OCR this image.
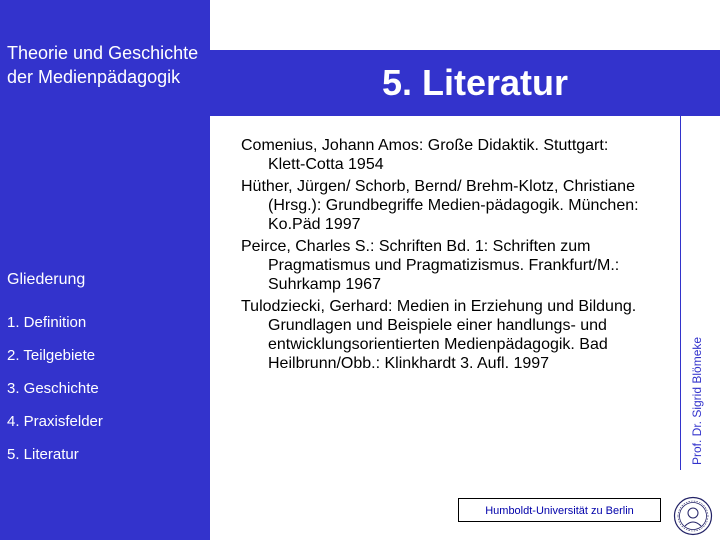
Theorie und Geschichte der Medienpädagogik
Gliederung
1. Definition
2. Teilgebiete
3. Geschichte
4. Praxisfelder
5. Literatur
5. Literatur
Prof. Dr. Sigrid Blömeke

Comenius, Johann Amos: Große Didaktik. Stuttgart: Klett-Cotta 1954

Hüther, Jürgen/ Schorb, Bernd/ Brehm-Klotz, Christiane (Hrsg.): Grundbegriffe Medien-pädagogik. München: Ko.Päd 1997

Peirce, Charles S.: Schriften Bd. 1: Schriften zum Pragmatismus und Pragmatizismus. Frankfurt/M.: Suhrkamp 1967

Tulodziecki, Gerhard: Medien in Erziehung und Bildung. Grundlagen und Beispiele einer handlungs- und entwicklungsorientierten Medienpädagogik. Bad Heilbrunn/Obb.: Klinkhardt 3. Aufl. 1997

Humboldt-Universität zu Berlin
